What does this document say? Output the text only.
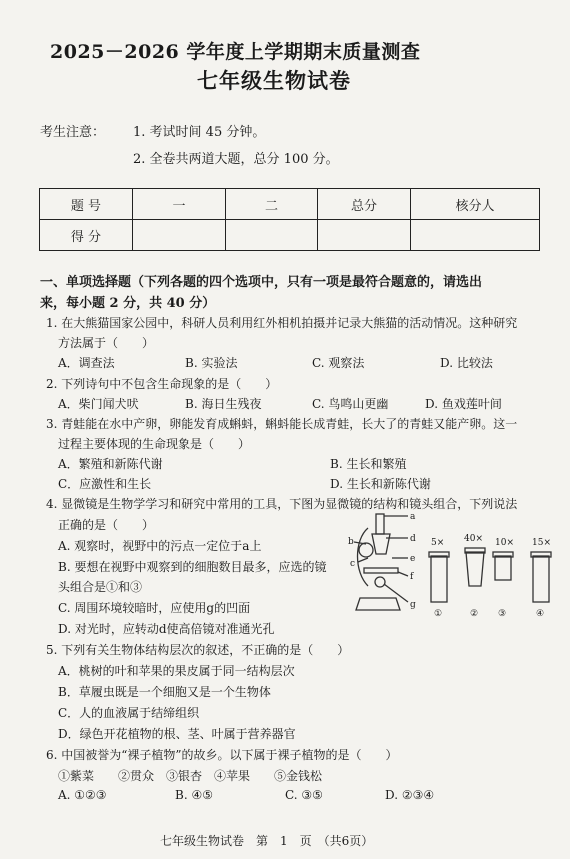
2025－2026 学年度上学期期末质量测查
七年级生物试卷
考生注意： 1. 考试时间 45 分钟。
2. 全卷共两道大题，总分 100 分。
题 号	一	二	总分	核分人
得 分				
一、单项选择题（下列各题的四个选项中，只有一项是最符合题意的，请选出
来，每小题 2 分，共 40 分）
1. 在大熊猫国家公园中，科研人员利用红外相机拍摄并记录大熊猫的活动情况。这种研究
方法属于（　　）
A．调查法	B. 实验法	C. 观察法	D. 比较法
2. 下列诗句中不包含生命现象的是（　　）
A．柴门闻犬吠	B. 海日生残夜	C. 鸟鸣山更幽	D. 鱼戏莲叶间
3. 青蛙能在水中产卵，卵能发育成蝌蚪，蝌蚪能长成青蛙，长大了的青蛙又能产卵。这一
过程主要体现的生命现象是（　　）
A．繁殖和新陈代谢	B. 生长和繁殖
C．应激性和生长	D. 生长和新陈代谢
4. 显微镜是生物学学习和研究中常用的工具，下图为显微镜的结构和镜头组合，下列说法
正确的是（　　）
A. 观察时，视野中的污点一定位于a上
B. 要想在视野中观察到的细胞数目最多，应选的镜
头组合是①和③
C. 周围环境较暗时，应使用g的凹面
D. 对光时，应转动d使高倍镜对准通光孔
a
b
c
d
e
f
g
5× 40× 10× 15×
①	② ③	④
5. 下列有关生物体结构层次的叙述，不正确的是（　　）
A．桃树的叶和苹果的果皮属于同一结构层次
B．草履虫既是一个细胞又是一个生物体
C．人的血液属于结缔组织
D．绿色开花植物的根、茎、叶属于营养器官
6. 中国被誉为“裸子植物”的故乡。以下属于裸子植物的是（　　）
①紫菜　　②贯众　③银杏　④苹果　　⑤金钱松
A. ①②③	B. ④⑤	C. ③⑤	D. ②③④
七年级生物试卷　第　1　页　（共6页）
